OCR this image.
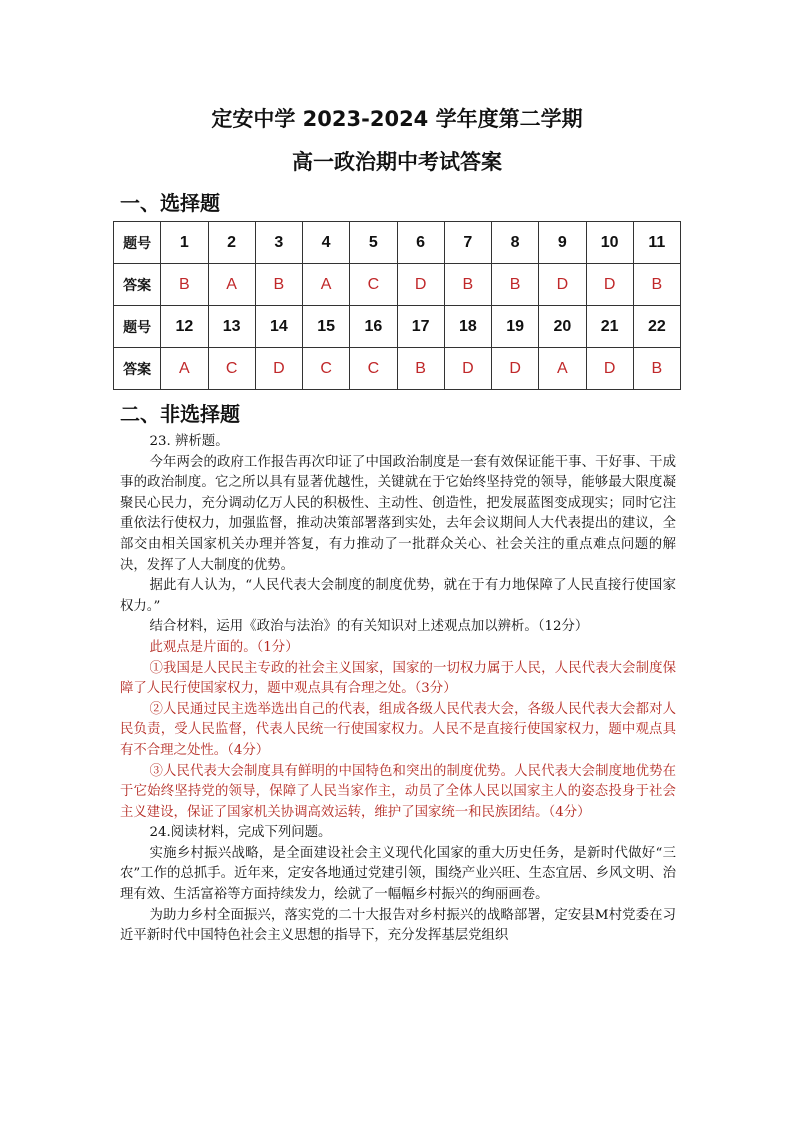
定安中学 2023-2024 学年度第二学期
高一政治期中考试答案
一、选择题
题号	1	2	3	4	5	6	7	8	9	10	11
答案	B	A	B	A	C	D	B	B	D	D	B
题号	12	13	14	15	16	17	18	19	20	21	22
答案	A	C	D	C	C	B	D	D	A	D	B
二、非选择题

23. 辨析题。

今年两会的政府工作报告再次印证了中国政治制度是一套有效保证能干事、干好事、干成事的政治制度。它之所以具有显著优越性，关键就在于它始终坚持党的领导，能够最大限度凝聚民心民力，充分调动亿万人民的积极性、主动性、创造性，把发展蓝图变成现实；同时它注重依法行使权力，加强监督，推动决策部署落到实处，去年会议期间人大代表提出的建议，全部交由相关国家机关办理并答复，有力推动了一批群众关心、社会关注的重点难点问题的解决，发挥了人大制度的优势。

据此有人认为，“人民代表大会制度的制度优势，就在于有力地保障了人民直接行使国家权力。”

结合材料，运用《政治与法治》的有关知识对上述观点加以辨析。（12分）

此观点是片面的。（1分）

①我国是人民民主专政的社会主义国家，国家的一切权力属于人民，人民代表大会制度保障了人民行使国家权力，题中观点具有合理之处。（3分）

②人民通过民主选举选出自己的代表，组成各级人民代表大会，各级人民代表大会都对人民负责，受人民监督，代表人民统一行使国家权力。人民不是直接行使国家权力，题中观点具有不合理之处性。（4分）

③人民代表大会制度具有鲜明的中国特色和突出的制度优势。人民代表大会制度地优势在于它始终坚持党的领导，保障了人民当家作主，动员了全体人民以国家主人的姿态投身于社会主义建设，保证了国家机关协调高效运转，维护了国家统一和民族团结。（4分）

24.阅读材料，完成下列问题。

实施乡村振兴战略，是全面建设社会主义现代化国家的重大历史任务，是新时代做好“三农”工作的总抓手。近年来，定安各地通过党建引领，围绕产业兴旺、生态宜居、乡风文明、治理有效、生活富裕等方面持续发力，绘就了一幅幅乡村振兴的绚丽画卷。

为助力乡村全面振兴，落实党的二十大报告对乡村振兴的战略部署，定安县M村党委在习近平新时代中国特色社会主义思想的指导下，充分发挥基层党组织
